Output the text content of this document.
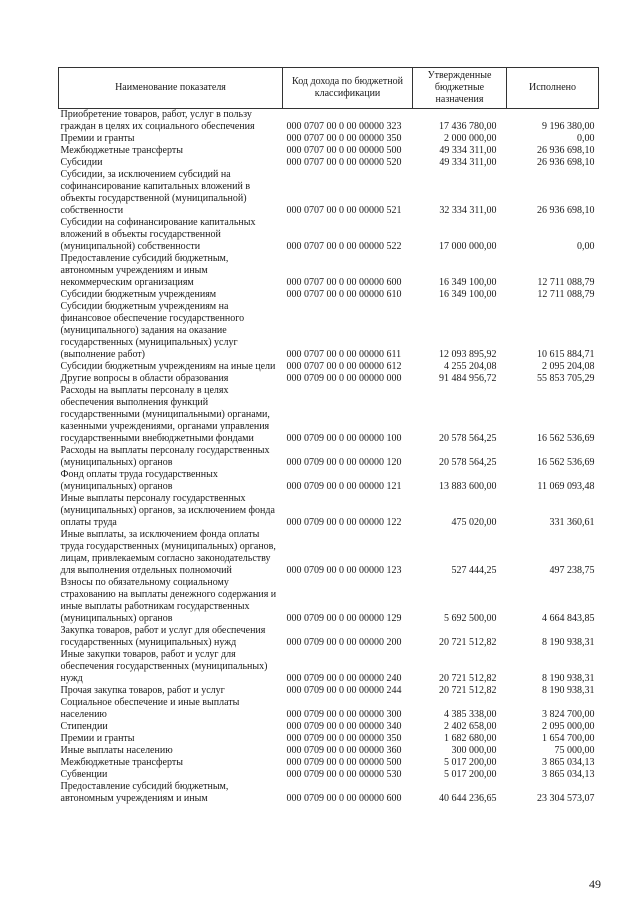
Наименование показателя	Код дохода по бюджетной классификации	Утвержденные бюджетные назначения	Исполнено
Приобретение товаров, работ, услуг в пользу граждан в целях их социального обеспечения	000 0707 00 0 00 00000 323	17 436 780,00	9 196 380,00
Премии и гранты	000 0707 00 0 00 00000 350	2 000 000,00	0,00
Межбюджетные трансферты	000 0707 00 0 00 00000 500	49 334 311,00	26 936 698,10
Субсидии	000 0707 00 0 00 00000 520	49 334 311,00	26 936 698,10
Субсидии, за исключением субсидий на софинансирование капитальных вложений в объекты государственной (муниципальной) собственности	000 0707 00 0 00 00000 521	32 334 311,00	26 936 698,10
Субсидии на софинансирование капитальных вложений в объекты государственной (муниципальной) собственности	000 0707 00 0 00 00000 522	17 000 000,00	0,00
Предоставление субсидий бюджетным, автономным учреждениям и иным некоммерческим организациям	000 0707 00 0 00 00000 600	16 349 100,00	12 711 088,79
Субсидии бюджетным учреждениям	000 0707 00 0 00 00000 610	16 349 100,00	12 711 088,79
Субсидии бюджетным учреждениям на финансовое обеспечение государственного (муниципального) задания на оказание государственных (муниципальных) услуг (выполнение работ)	000 0707 00 0 00 00000 611	12 093 895,92	10 615 884,71
Субсидии бюджетным учреждениям на иные цели	000 0707 00 0 00 00000 612	4 255 204,08	2 095 204,08
Другие вопросы в области образования	000 0709 00 0 00 00000 000	91 484 956,72	55 853 705,29
Расходы на выплаты персоналу в целях обеспечения выполнения функций государственными (муниципальными) органами, казенными учреждениями, органами управления государственными внебюджетными фондами	000 0709 00 0 00 00000 100	20 578 564,25	16 562 536,69
Расходы на выплаты персоналу государственных (муниципальных) органов	000 0709 00 0 00 00000 120	20 578 564,25	16 562 536,69
Фонд оплаты труда государственных (муниципальных) органов	000 0709 00 0 00 00000 121	13 883 600,00	11 069 093,48
Иные выплаты персоналу государственных (муниципальных) органов, за исключением фонда оплаты труда	000 0709 00 0 00 00000 122	475 020,00	331 360,61
Иные выплаты, за исключением фонда оплаты труда государственных (муниципальных) органов, лицам, привлекаемым согласно законодательству для выполнения отдельных полномочий	000 0709 00 0 00 00000 123	527 444,25	497 238,75
Взносы по обязательному социальному страхованию на выплаты денежного содержания и иные выплаты работникам государственных (муниципальных) органов	000 0709 00 0 00 00000 129	5 692 500,00	4 664 843,85
Закупка товаров, работ и услуг для обеспечения государственных (муниципальных) нужд	000 0709 00 0 00 00000 200	20 721 512,82	8 190 938,31
Иные закупки товаров, работ и услуг для обеспечения государственных (муниципальных) нужд	000 0709 00 0 00 00000 240	20 721 512,82	8 190 938,31
Прочая закупка товаров, работ и услуг	000 0709 00 0 00 00000 244	20 721 512,82	8 190 938,31
Социальное обеспечение и иные выплаты населению	000 0709 00 0 00 00000 300	4 385 338,00	3 824 700,00
Стипендии	000 0709 00 0 00 00000 340	2 402 658,00	2 095 000,00
Премии и гранты	000 0709 00 0 00 00000 350	1 682 680,00	1 654 700,00
Иные выплаты населению	000 0709 00 0 00 00000 360	300 000,00	75 000,00
Межбюджетные трансферты	000 0709 00 0 00 00000 500	5 017 200,00	3 865 034,13
Субвенции	000 0709 00 0 00 00000 530	5 017 200,00	3 865 034,13
Предоставление субсидий бюджетным, автономным учреждениям и иным	000 0709 00 0 00 00000 600	40 644 236,65	23 304 573,07
49
